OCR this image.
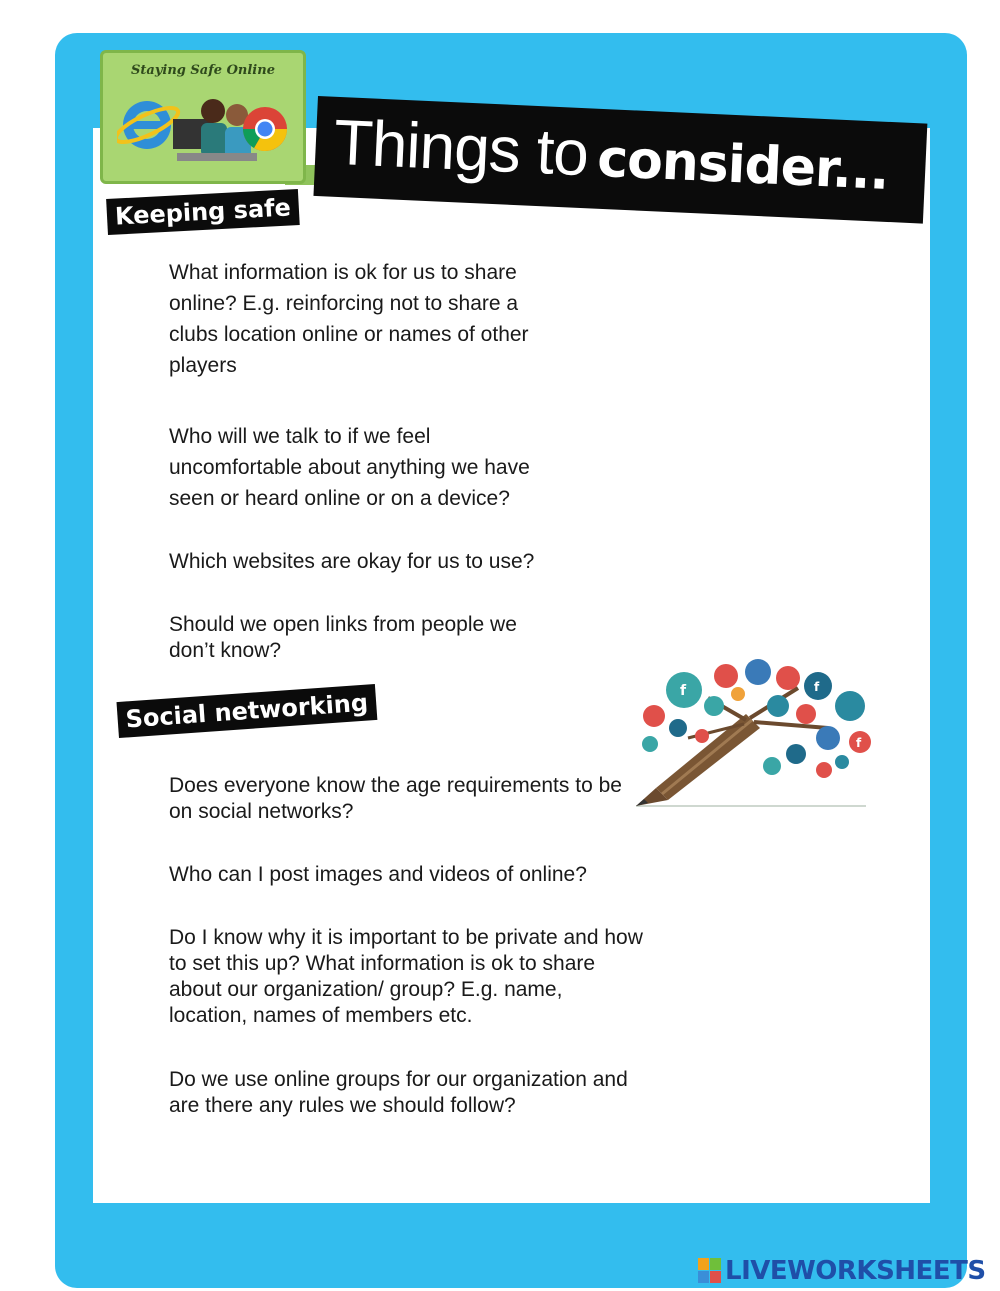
Staying Safe Online
Things to consider...
Keeping safe

What information is ok for us to share online? E.g. reinforcing not to share a clubs location online or names of other players

Who will we talk to if we feel uncomfortable about anything we have seen or heard online or on a device?

Which websites are okay for us to use?

Should we open links from people we don’t know?

Social networking

Does everyone know the age requirements to be on social networks?

Who can I post images and videos of online?

Do I know why it is important to be private and how to set this up? What information is ok to share about our organization/ group? E.g. name, location, names of members etc.

Do we use online groups for our organization and are there any rules we should follow?

f	f
f
LIVEWORKSHEETS
